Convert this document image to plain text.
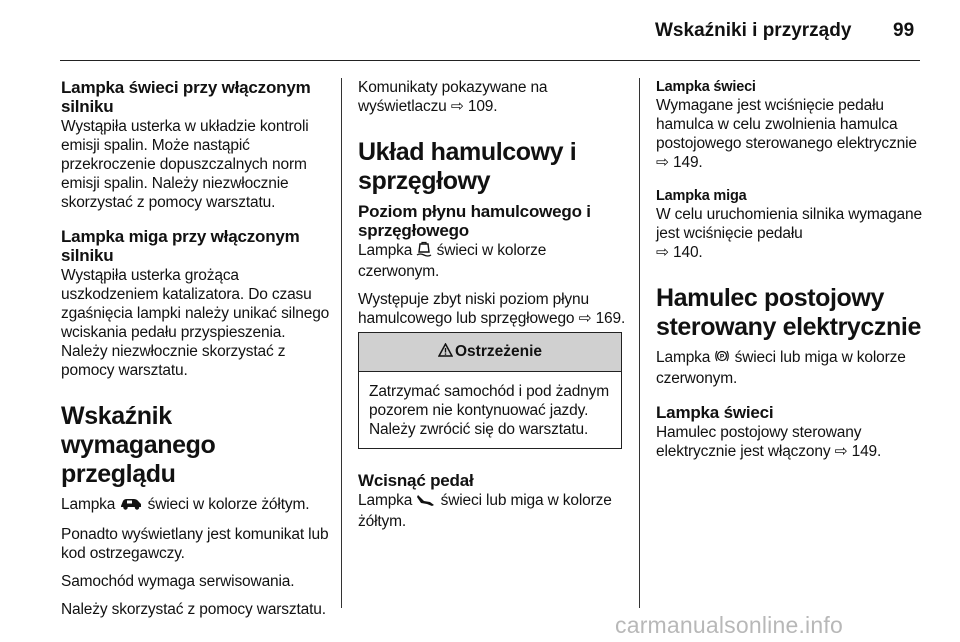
Wskaźniki i przyrządy 99
Lampka świeci przy włączonym silniku

Wystąpiła usterka w układzie kontroli emisji spalin. Może nastąpić przekroczenie dopuszczalnych norm emisji spalin. Należy niezwłocznie skorzystać z pomocy warsztatu.

Lampka miga przy włączonym silniku

Wystąpiła usterka grożąca uszkodzeniem katalizatora. Do czasu zgaśnięcia lampki należy unikać silnego wciskania pedału przyspieszenia. Należy niezwłocznie skorzystać z pomocy warsztatu.

Wskaźnik wymaganego przeglądu

Lampka świeci w kolorze żółtym.

Ponadto wyświetlany jest komunikat lub kod ostrzegawczy.

Samochód wymaga serwisowania.

Należy skorzystać z pomocy warsztatu.

Komunikaty pokazywane na wyświetlaczu ⇨ 109.

Układ hamulcowy i sprzęgłowy
Poziom płynu hamulcowego i sprzęgłowego

Lampka świeci w kolorze czerwonym.

Występuje zbyt niski poziom płynu hamulcowego lub sprzęgłowego ⇨ 169.

Ostrzeżenie

Zatrzymać samochód i pod żadnym pozorem nie kontynuować jazdy. Należy zwrócić się do warsztatu.

Wcisnąć pedał

Lampka świeci lub miga w kolorze żółtym.

Lampka świeci

Wymagane jest wciśnięcie pedału hamulca w celu zwolnienia hamulca postojowego sterowanego elektrycznie ⇨ 149.

Lampka miga

W celu uruchomienia silnika wymagane jest wciśnięcie pedału
⇨ 140.

Hamulec postojowy sterowany elektrycznie

Lampka P świeci lub miga w kolorze czerwonym.

Lampka świeci

Hamulec postojowy sterowany elektrycznie jest włączony ⇨ 149.

carmanualsonline.info
